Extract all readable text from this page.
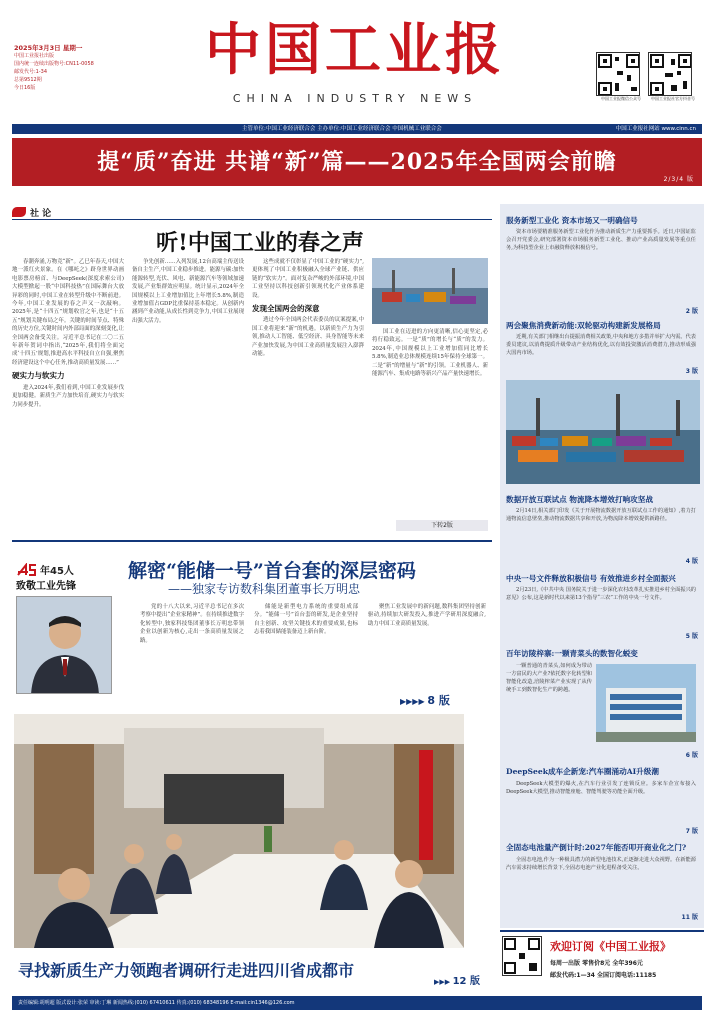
2025年3月3日 星期一
中国工业报社出版
国内统一连续出版物号:CN11-0058
邮发代号:1-34
总第9512期
今日16版
中国工业报
CHINA INDUSTRY NEWS	中国工业报微信公众号	中国工业报社官方抖音号
主管单位:中国工业经济联合会 主办单位:中国工业经济联合会 中国机械工业联合会	中国工业报社网站 www.cinn.cn
提“质”奋进 共谱“新”篇——2025年全国两会前瞻
2/3/4 版
社 论
听!中国工业的春之声

春潮奔涌,万物竞“新”。乙巳年春天,中国大地一派红火景象。在《哪吒之》跻身世界动画电影票房榜首、与DeepSeek(深度求索公司)大模型掀起一股“中国科技热”在国际舞台大放异彩的同时,中国工业在转型升级中不断前进。今年,中国工业发展的春之声又一次敲响。2025年,是“十四五”规划收官之年,也是“十五五”规划关键布局之年。关键的时间节点、特殊的历史方位,关键时间内外部局面的深刻变化,让全国两会备受关注。习近平总书记在二〇二五年新年贺词中指出,“2025年,我们将全面完成‘十四五’规划,推进高水平科技自立自强,聚焦经济建设这个中心任务,推动高质量发展……”

硬实力与软实力

进入2024年,我们看到,中国工业发展步伐更加稳健。新质生产力加快培育,硬实力与软实力同步提升。

争先创新……入列发展,12台高端主传送设备自主生产,中国工业稳步推进。能源与碳:加快能源转型,光伏、风电、新能源汽车等领域加速发展,产业集群效应明显。统计显示,2024年全国规模以上工业增加值比上年增长5.8%,制造业增加值占GDP比重保持基本稳定。从创新内涵到产业动能,从成长性到竞争力,中国工业展现出强大活力。

这些成就不仅彰显了中国工业的“硬实力”,更体现了中国工业积极融入全球产业链、供应链的“软实力”。面对复杂严峻的外部环境,中国工业坚持以科技创新引领现代化产业体系建设。

发现全国两会的深意

透过今年全国两会代表委员的议案提案,中国工业将迎来“新”的机遇。以新质生产力为引领,推动人工智能、低空经济、具身智能等未来产业加快发展,为中国工业高质量发展注入澎湃动能。

国工业在迈进的方向更清晰,信心更坚定,必将行稳致远。一是“质”的增长与“质”的发力。2024年,中国规模以上工业增加值同比增长5.8%,制造业总体规模连续15年保持全球第一。二是“新”的增量与“新”的引领。工业机器人、新能源汽车、集成电路等新兴产品产量快速增长。

下转2版
年45人
致敬工业先锋
解密“能储一号”首台套的深层密码
——独家专访数科集团董事长万明忠

党的十八大以来,习近平总书记在多次考察中提出“企业家精神”。在持续推进数字化转型中,独家科技集团董事长万明忠带领企业以创新为核心,走出一条高质量发展之路。

储能是新型电力系统的重要组成部分。“能储一号”首台套的研发,是企业坚持自主创新、攻坚关键技术的重要成果,也标志着我国储能装备迈上新台阶。

聚焦工业发展中的新问题,数科集团坚持创新驱动,持续加大研发投入,推进产学研用深度融合,助力中国工业高质量发展。

▶▶▶▶ 8 版
寻找新质生产力领跑者调研行走进四川省成都市
▶▶▶ 12 版
服务新型工业化 资本市场又一明确信号
资本市场要精准服务新型工业化作为推动新质生产力重要抓手。近日,中国证监会召开党委会,研究部署资本市场服务新型工业化、推动产业高质量发展等重点任务,为科技型企业上市融资释放积极信号。
2 版
两会聚焦消费新动能:双轮驱动构建新发展格局
近期,有关部门相继出台提振消费相关政策,中央和地方多措并举扩大内需。代表委员建议,以消费提质升级带动产业结构优化,以有效投资激活消费潜力,推动形成强大国内市场。
3 版
数据开放互联试点 物流降本增效打响攻坚战
2月14日,相关部门印发《关于开展物流数据开放互联试点工作的通知》,着力打通物流信息壁垒,推动物流数据共享和开放,为物流降本增效提供新路径。
4 版
中央一号文件释放积极信号 有效推进乡村全面振兴
2月23日,《中共中央 国务院关于进一步深化农村改革扎实推进乡村全面振兴的意见》公布,这是新时代以来第13个指导“三农”工作的中央一号文件。
5 版
百年访陵梓寨:一颗青菜头的数智化蜕变
一颗普通的青菜头,如何成为带动一方富民的大产业?依托数字化转型和智能化改造,涪陵榨菜产业实现了从传统手工到数智化生产的跨越。
6 版
DeepSeek成车企新宠:汽车圈涌动AI升级潮
DeepSeek大模型的爆火,在汽车行业引发了连锁反应。多家车企宣布接入DeepSeek大模型,推动智能座舱、智能驾驶等功能全面升级。
7 版
全固态电池量产倒计时:2027年能否叩开商业化之门?
全固态电池,作为一种极具潜力的新型电池技术,正逐渐走进大众视野。在新能源汽车需求持续增长背景下,全固态电池产业化进程备受关注。
11 版
欢迎订阅《中国工业报》
每周一出版 零售价8元 全年396元
邮发代码:1—34 全国订阅电话:11185
责任编辑:胡明超 版式设计:张荣 审读:丁琳 新闻热线:(010) 67410611 传真:(010) 68348196 E-mail:cin1346@126.com
